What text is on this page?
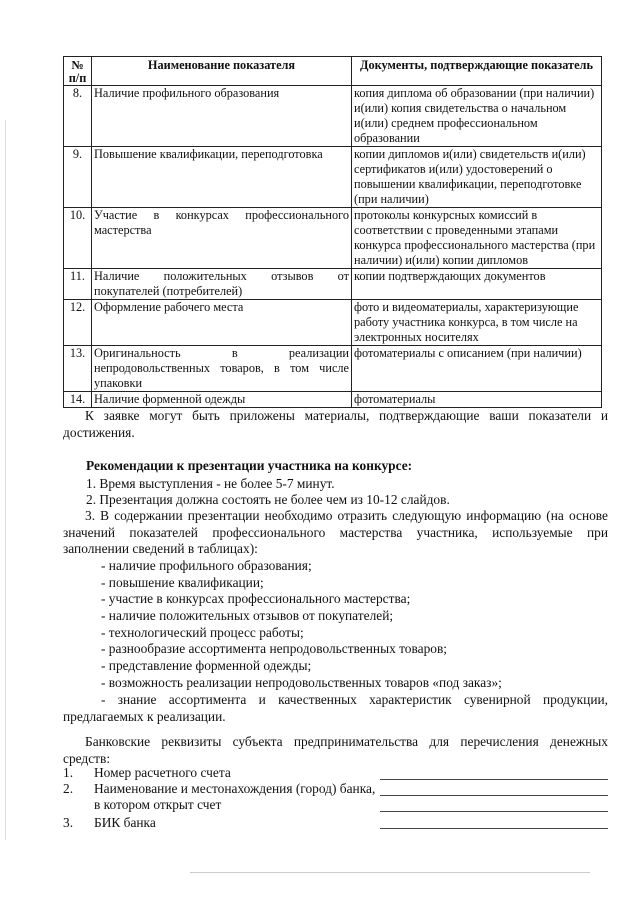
№ п/п	Наименование показателя	Документы, подтверждающие показатель
8.	Наличие профильного образования	копия диплома об образовании (при наличии) и(или) копия свидетельства о начальном и(или) среднем профессиональном образовании
9.	Повышение квалификации, переподготовка	копии дипломов и(или) свидетельств и(или) сертификатов и(или) удостоверений о повышении квалификации, переподготовке (при наличии)
10.	Участие в конкурсах профессионального мастерства	протоколы конкурсных комиссий в соответствии с проведенными этапами конкурса профессионального мастерства (при наличии) и(или) копии дипломов
11.	Наличие положительных отзывов от покупателей (потребителей)	копии подтверждающих документов
12.	Оформление рабочего места	фото и видеоматериалы, характеризующие работу участника конкурса, в том числе на электронных носителях
13.	Оригинальность в реализации непродовольственных товаров, в том числе упаковки	фотоматериалы с описанием (при наличии)
14.	Наличие форменной одежды	фотоматериалы
К заявке могут быть приложены материалы, подтверждающие ваши показатели и достижения.
Рекомендации к презентации участника на конкурсе:
1. Время выступления - не более 5-7 минут.
2. Презентация должна состоять не более чем из 10-12 слайдов.
3. В содержании презентации необходимо отразить следующую информацию (на основе значений показателей профессионального мастерства участника, используемые при заполнении сведений в таблицах):
- наличие профильного образования;
- повышение квалификации;
- участие в конкурсах профессионального мастерства;
- наличие положительных отзывов от покупателей;
- технологический процесс работы;
- разнообразие ассортимента непродовольственных товаров;
- представление форменной одежды;
- возможность реализации непродовольственных товаров «под заказ»;
- знание ассортимента и качественных характеристик сувенирной продукции, предлагаемых к реализации.
Банковские реквизиты субъекта предпринимательства для перечисления денежных средств:
1. Номер расчетного счета
2. Наименование и местонахождения (город) банка,
в котором открыт счет
3. БИК банка
